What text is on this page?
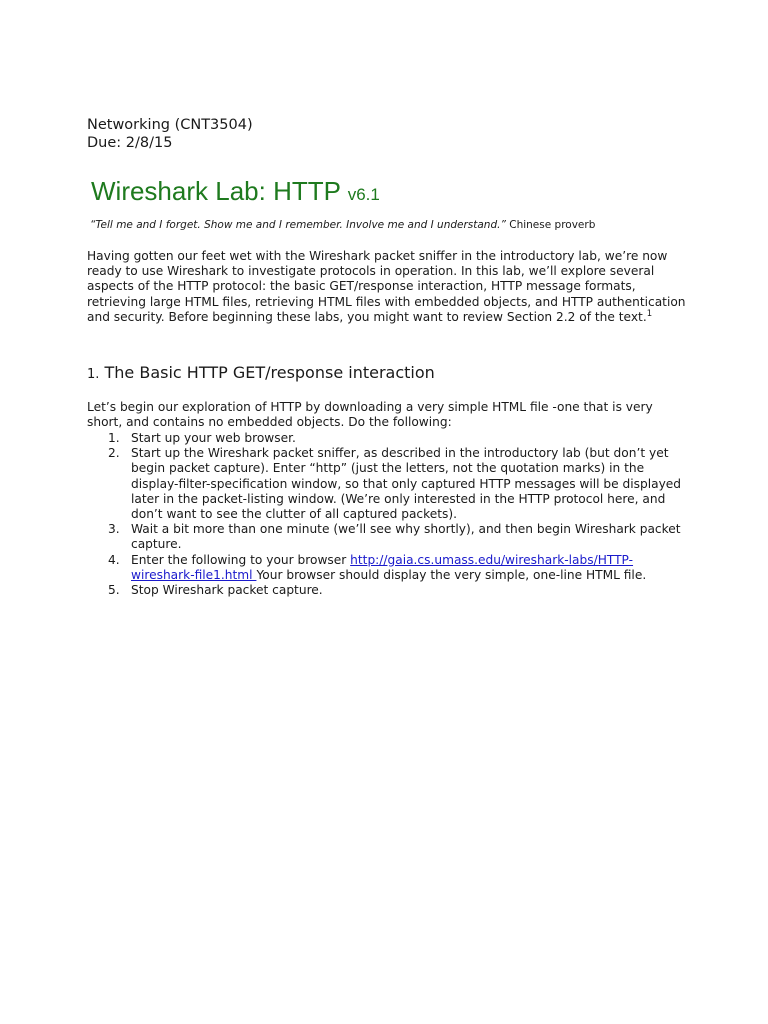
Networking (CNT3504)
Due: 2/8/15
Wireshark Lab: HTTP v6.1
“Tell me and I forget. Show me and I remember. Involve me and I understand.” Chinese proverb

Having gotten our feet wet with the Wireshark packet sniffer in the introductory lab, we’re now ready to use Wireshark to investigate protocols in operation. In this lab, we’ll explore several aspects of the HTTP protocol: the basic GET/response interaction, HTTP message formats, retrieving large HTML files, retrieving HTML files with embedded objects, and HTTP authentication and security. Before beginning these labs, you might want to review Section 2.2 of the text.$^1$

1. The Basic HTTP GET/response interaction

Let’s begin our exploration of HTTP by downloading a very simple HTML file -one that is very short, and contains no embedded objects. Do the following:

1. Start up your web browser.
2. Start up the Wireshark packet sniffer, as described in the introductory lab (but don’t yet begin packet capture). Enter “http” (just the letters, not the quotation marks) in the display-filter-specification window, so that only captured HTTP messages will be displayed later in the packet-listing window. (We’re only interested in the HTTP protocol here, and don’t want to see the clutter of all captured packets).
3. Wait a bit more than one minute (we’ll see why shortly), and then begin Wireshark packet capture.
4. Enter the following to your browser http://gaia.cs.umass.edu/wireshark-labs/HTTP-wireshark-file1.html Your browser should display the very simple, one-line HTML file.
5. Stop Wireshark packet capture.
